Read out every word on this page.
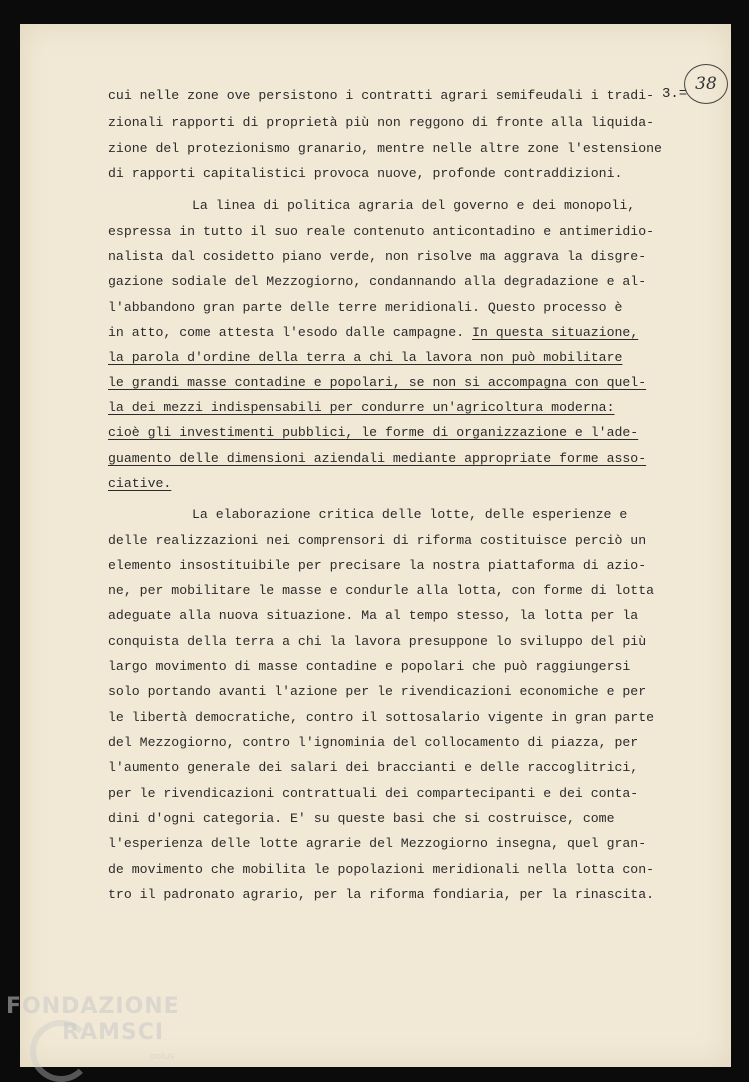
3.= 38
cui nelle zone ove persistono i contratti agrari semifeudali i tradi-
zionali rapporti di proprietà più non reggono di fronte alla liquida-
zione del protezionismo granario, mentre nelle altre zone l'estensione
di rapporti capitalistici provoca nuove, profonde contraddizioni.
La linea di politica agraria del governo e dei monopoli,
espressa in tutto il suo reale contenuto anticontadino e antimeridio-
nalista dal cosidetto piano verde, non risolve ma aggrava la disgre-
gazione sodiale del Mezzogiorno, condannando alla degradazione e al-
l'abbandono gran parte delle terre meridionali. Questo processo è
in atto, come attesta l'esodo dalle campagne. In questa situazione,
la parola d'ordine della terra a chi la lavora non può mobilitare
le grandi masse contadine e popolari, se non si accompagna con quel-
la dei mezzi indispensabili per condurre un'agricoltura moderna:
cioè gli investimenti pubblici, le forme di organizzazione e l'ade-
guamento delle dimensioni aziendali mediante appropriate forme asso-
ciative.
La elaborazione critica delle lotte, delle esperienze e
delle realizzazioni nei comprensori di riforma costituisce perciò un
elemento insostituibile per precisare la nostra piattaforma di azio-
ne, per mobilitare le masse e condurle alla lotta, con forme di lotta
adeguate alla nuova situazione. Ma al tempo stesso, la lotta per la
conquista della terra a chi la lavora presuppone lo sviluppo del più
largo movimento di masse contadine e popolari che può raggiungersi
solo portando avanti l'azione per le rivendicazioni economiche e per
le libertà democratiche, contro il sottosalario vigente in gran parte
del Mezzogiorno, contro l'ignominia del collocamento di piazza, per
l'aumento generale dei salari dei braccianti e delle raccoglitrici,
per le rivendicazioni contrattuali dei compartecipanti e dei conta-
dini d'ogni categoria. E' su queste basi che si costruisce, come
l'esperienza delle lotte agrarie del Mezzogiorno insegna, quel gran-
de movimento che mobilita le popolazioni meridionali nella lotta con-
tro il padronato agrario, per la riforma fondiaria, per la rinascita.
FONDAZIONE
RAMSCI
onlus
